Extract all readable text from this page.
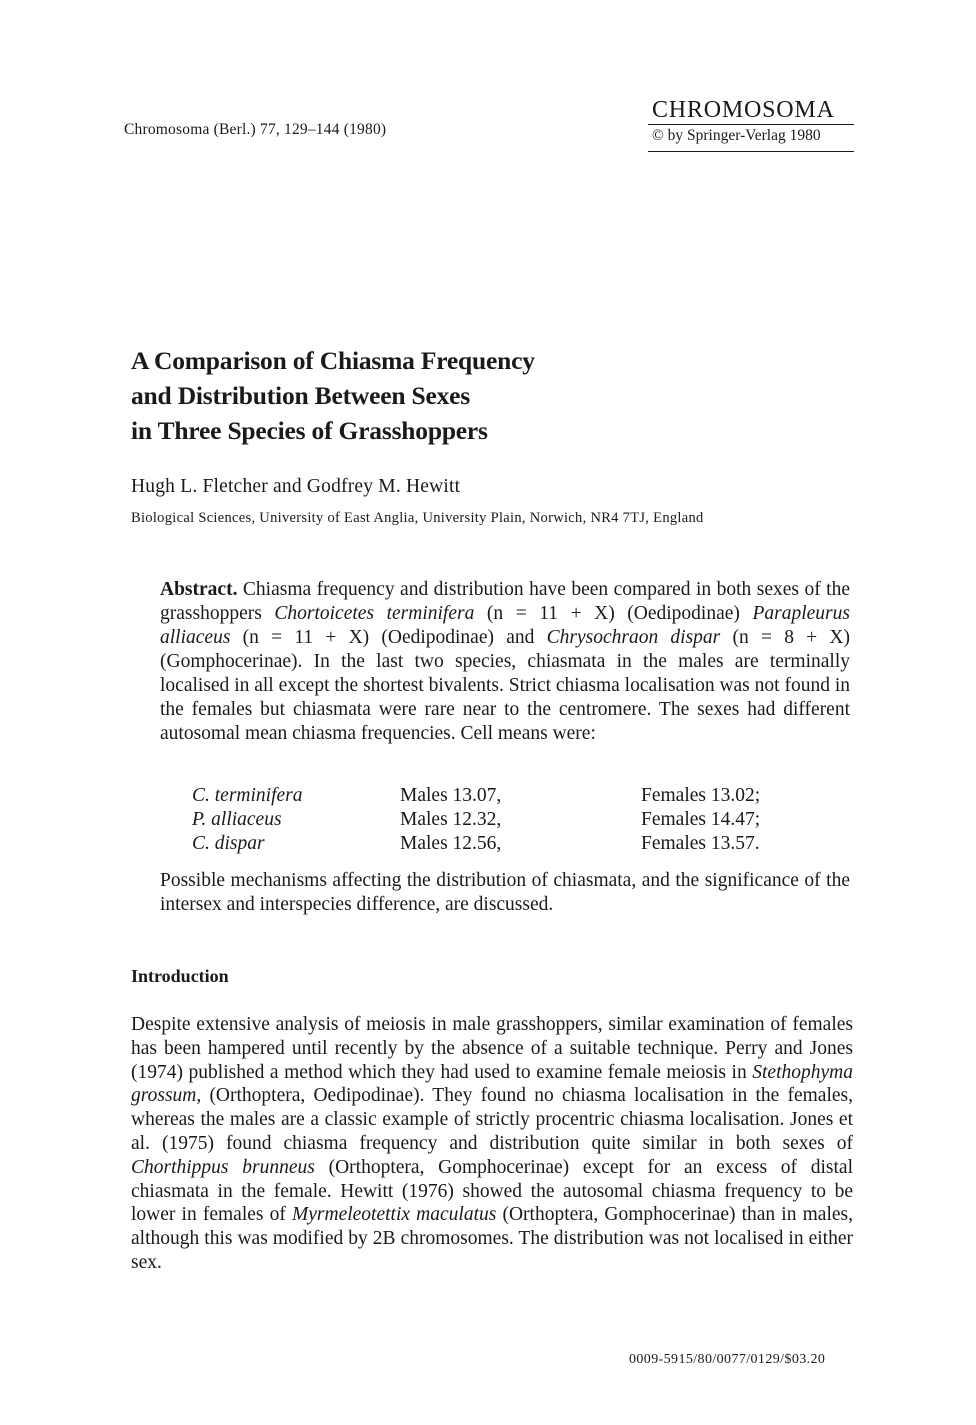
Chromosoma (Berl.) 77, 129–144 (1980)
CHROMOSOMA
© by Springer-Verlag 1980
A Comparison of Chiasma Frequency
and Distribution Between Sexes
in Three Species of Grasshoppers
Hugh L. Fletcher and Godfrey M. Hewitt
Biological Sciences, University of East Anglia, University Plain, Norwich, NR4 7TJ, England
Abstract. Chiasma frequency and distribution have been compared in both sexes of the grasshoppers Chortoicetes terminifera (n = 11 + X) (Oedipodinae) Parapleurus alliaceus (n = 11 + X) (Oedipodinae) and Chrysochraon dispar (n = 8 + X) (Gomphocerinae). In the last two species, chiasmata in the males are terminally localised in all except the shortest bivalents. Strict chiasma localisation was not found in the females but chiasmata were rare near to the centromere. The sexes had different autosomal mean chiasma frequencies. Cell means were:
C. terminifera	Males 13.07,	Females 13.02;
P. alliaceus	Males 12.32,	Females 14.47;
C. dispar	Males 12.56,	Females 13.57.
Possible mechanisms affecting the distribution of chiasmata, and the significance of the intersex and interspecies difference, are discussed.
Introduction
Despite extensive analysis of meiosis in male grasshoppers, similar examination of females has been hampered until recently by the absence of a suitable technique. Perry and Jones (1974) published a method which they had used to examine female meiosis in Stethophyma grossum, (Orthoptera, Oedipodinae). They found no chiasma localisation in the females, whereas the males are a classic example of strictly procentric chiasma localisation. Jones et al. (1975) found chiasma frequency and distribution quite similar in both sexes of Chorthippus brunneus (Orthoptera, Gomphocerinae) except for an excess of distal chiasmata in the female. Hewitt (1976) showed the autosomal chiasma frequency to be lower in females of Myrmeleotettix maculatus (Orthoptera, Gomphocerinae) than in males, although this was modified by 2B chromosomes. The distribution was not localised in either sex.
0009-5915/80/0077/0129/$03.20
